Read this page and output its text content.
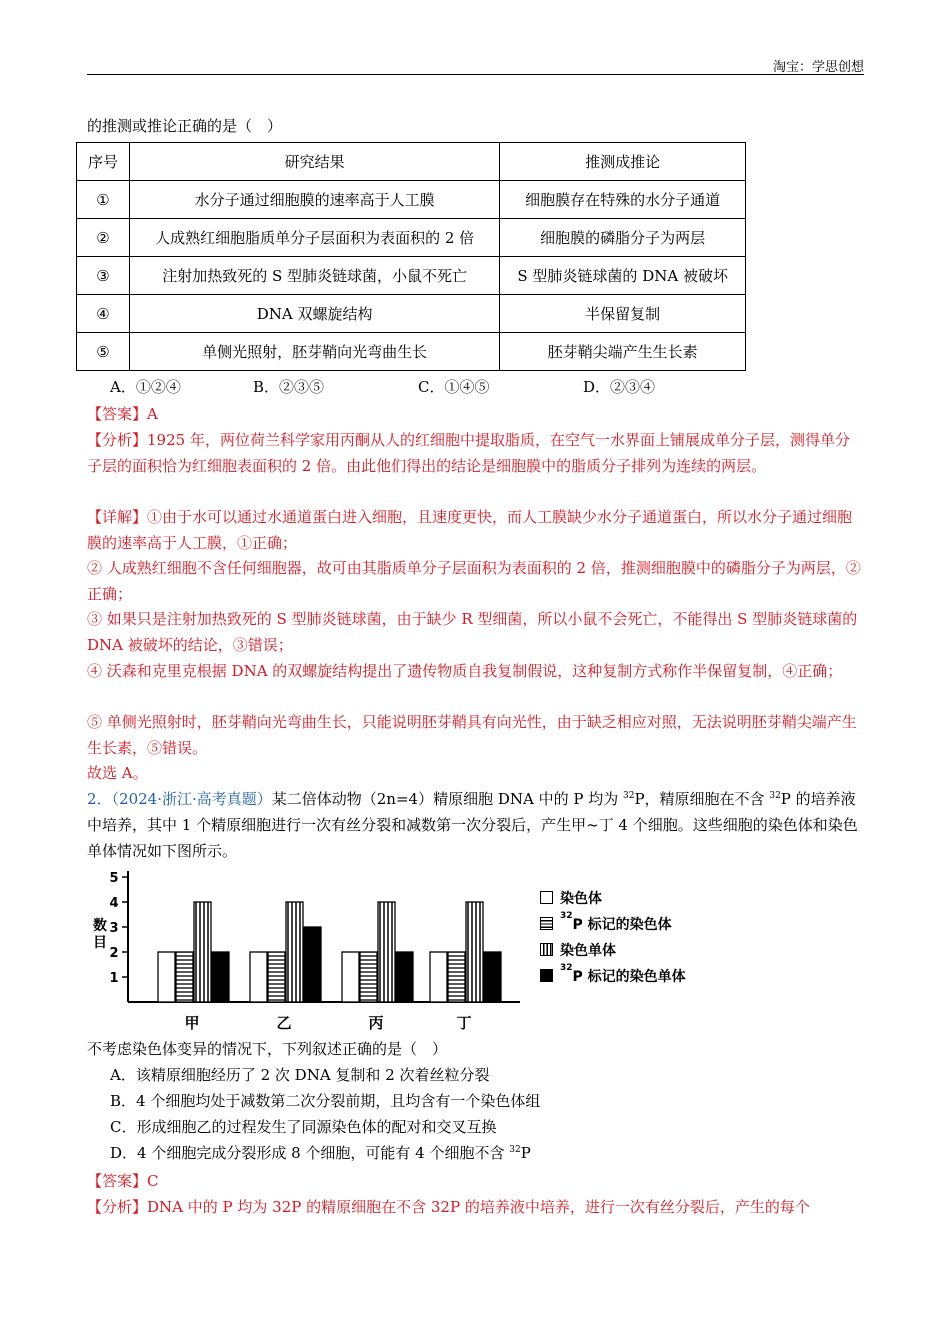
淘宝：学思创想
的推测或推论正确的是（　）
序号	研究结果	推测成推论
①	水分子通过细胞膜的速率高于人工膜	细胞膜存在特殊的水分子通道
②	人成熟红细胞脂质单分子层面积为表面积的 2 倍	细胞膜的磷脂分子为两层
③	注射加热致死的 S 型肺炎链球菌，小鼠不死亡	S 型肺炎链球菌的 DNA 被破坏
④	DNA 双螺旋结构	半保留复制
⑤	单侧光照射，胚芽鞘向光弯曲生长	胚芽鞘尖端产生生长素
A．①②④	B．②③⑤	C．①④⑤	D．②③④
【答案】A
【分析】1925 年，两位荷兰科学家用丙酮从人的红细胞中提取脂质，在空气一水界面上铺展成单分子层，测得单分子层的面积恰为红细胞表面积的 2 倍。由此他们得出的结论是细胞膜中的脂质分子排列为连续的两层。
【详解】①由于水可以通过水通道蛋白进入细胞，且速度更快，而人工膜缺少水分子通道蛋白，所以水分子通过细胞膜的速率高于人工膜，①正确；
② 人成熟红细胞不含任何细胞器，故可由其脂质单分子层面积为表面积的 2 倍，推测细胞膜中的磷脂分子为两层，②正确；
③ 如果只是注射加热致死的 S 型肺炎链球菌，由于缺少 R 型细菌，所以小鼠不会死亡，不能得出 S 型肺炎链球菌的 DNA 被破坏的结论，③错误；
④ 沃森和克里克根据 DNA 的双螺旋结构提出了遗传物质自我复制假说，这种复制方式称作半保留复制，④正确；
⑤ 单侧光照射时，胚芽鞘向光弯曲生长，只能说明胚芽鞘具有向光性，由于缺乏相应对照，无法说明胚芽鞘尖端产生生长素，⑤错误。
故选 A。
2．（2024·浙江·高考真题）某二倍体动物（2n=4）精原细胞 DNA 中的 P 均为 $^{32}$P，精原细胞在不含 $^{32}$P 的培养液中培养，其中 1 个精原细胞进行一次有丝分裂和减数第一次分裂后，产生甲~丁 4 个细胞。这些细胞的染色体和染色单体情况如下图所示。
1
2
3
4
5
甲	乙	丙	丁
染色体
$^{32}$P 标记的染色体
染色单体
$^{32}$P 标记的染色单体
数目
不考虑染色体变异的情况下，下列叙述正确的是（　）
A．该精原细胞经历了 2 次 DNA 复制和 2 次着丝粒分裂
B．4 个细胞均处于减数第二次分裂前期，且均含有一个染色体组
C．形成细胞乙的过程发生了同源染色体的配对和交叉互换
D．4 个细胞完成分裂形成 8 个细胞，可能有 4 个细胞不含 $^{32}$P
【答案】C
【分析】DNA 中的 P 均为 32P 的精原细胞在不含 32P 的培养液中培养，进行一次有丝分裂后，产生的每个
